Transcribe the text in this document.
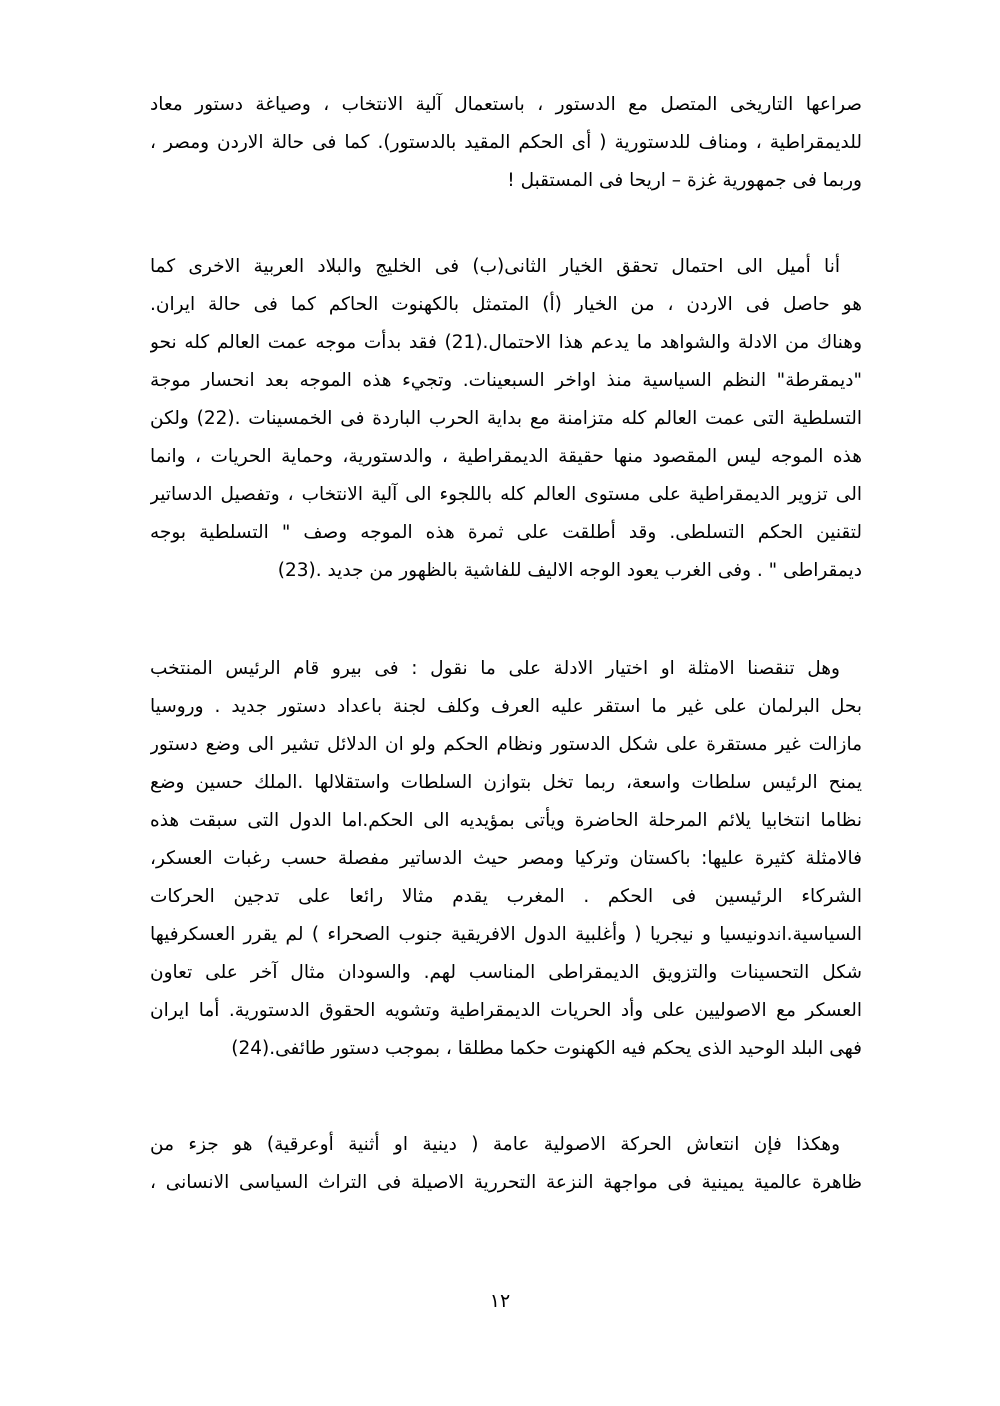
صراعها التاريخى المتصل مع الدستور ، باستعمال آلية الانتخاب ، وصياغة دستور معاد
للديمقراطية ، ومناف للدستورية ( أى الحكم المقيد بالدستور). كما فى حالة الاردن ومصر ،
وربما فى جمهورية غزة – اريحا فى المستقبل !
أنا أميل الى احتمال تحقق الخيار الثانى(ب) فى الخليج والبلاد العربية الاخرى كما
هو حاصل فى الاردن ، من الخيار (أ) المتمثل بالكهنوت الحاكم كما فى حالة ايران.
وهناك من الادلة والشواهد ما يدعم هذا الاحتمال.(21) فقد بدأت موجه عمت العالم كله نحو
"ديمقرطة" النظم السياسية منذ اواخر السبعينات. وتجيء هذه الموجه بعد انحسار موجة
التسلطية التى عمت العالم كله متزامنة مع بداية الحرب الباردة فى الخمسينات .(22) ولكن
هذه الموجه ليس المقصود منها حقيقة الديمقراطية ، والدستورية، وحماية الحريات ، وانما
الى تزوير الديمقراطية على مستوى العالم كله باللجوء الى آلية الانتخاب ، وتفصيل الدساتير
لتقنين الحكم التسلطى. وقد أطلقت على ثمرة هذه الموجه وصف " التسلطية بوجه
ديمقراطى " . وفى الغرب يعود الوجه الاليف للفاشية بالظهور من جديد .(23)
وهل تنقصنا الامثلة او اختيار الادلة على ما نقول : فى بيرو قام الرئيس المنتخب
بحل البرلمان على غير ما استقر عليه العرف وكلف لجنة باعداد دستور جديد . وروسيا
مازالت غير مستقرة على شكل الدستور ونظام الحكم ولو ان الدلائل تشير الى وضع دستور
يمنح الرئيس سلطات واسعة، ربما تخل بتوازن السلطات واستقلالها .الملك حسين وضع
نظاما انتخابيا يلائم المرحلة الحاضرة ويأتى بمؤيديه الى الحكم.اما الدول التى سبقت هذه
فالامثلة كثيرة عليها: باكستان وتركيا ومصر حيث الدساتير مفصلة حسب رغبات العسكر،
الشركاء الرئيسين فى الحكم . المغرب يقدم مثالا رائعا على تدجين الحركات
السياسية.اندونيسيا و نيجريا ( وأغلبية الدول الافريقية جنوب الصحراء ) لم يقرر العسكرفيها
شكل التحسينات والتزويق الديمقراطى المناسب لهم. والسودان مثال آخر على تعاون
العسكر مع الاصوليين على وأد الحريات الديمقراطية وتشويه الحقوق الدستورية. أما ايران
فهى البلد الوحيد الذى يحكم فيه الكهنوت حكما مطلقا ، بموجب دستور طائفى.(24)
وهكذا فإن انتعاش الحركة الاصولية عامة ( دينية او أثنية أوعرقية) هو جزء من
ظاهرة عالمية يمينية فى مواجهة النزعة التحررية الاصيلة فى التراث السياسى الانسانى ،
١٢
